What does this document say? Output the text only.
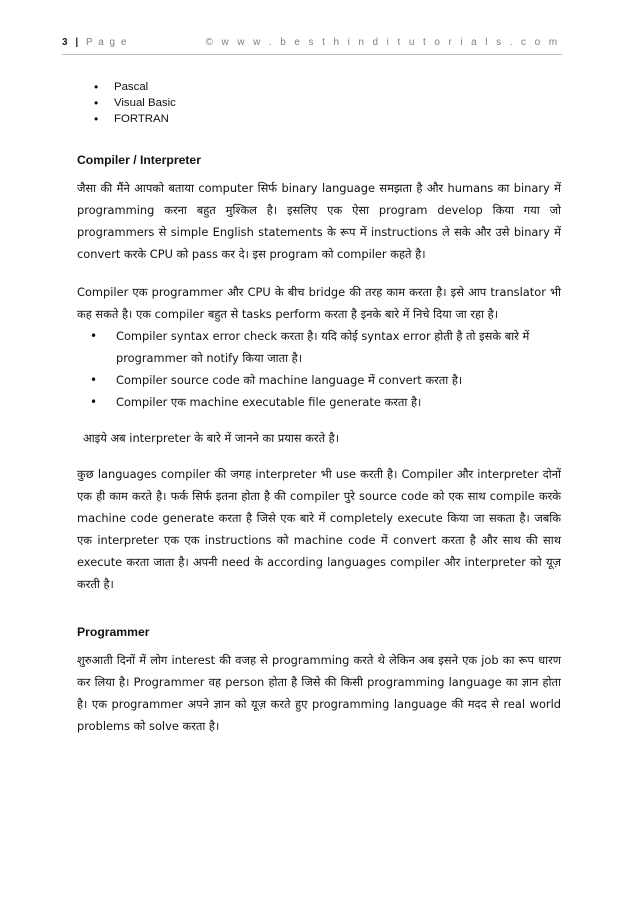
3 | P a g e	© w w w . b e s t h i n d i t u t o r i a l s . c o m
• Pascal
• Visual Basic
• FORTRAN
Compiler / Interpreter

जैसा की मैंने आपको बताया computer सिर्फ binary language समझता है और humans का binary में programming करना बहुत मुश्किल है। इसलिए एक ऐसा program develop किया गया जो programmers से simple English statements के रूप में instructions ले सके और उसे binary में convert करके CPU को pass कर दे। इस program को compiler कहते है।

Compiler एक programmer और CPU के बीच bridge की तरह काम करता है। इसे आप translator भी कह सकते है। एक compiler बहुत से tasks perform करता है इनके बारे में निचे दिया जा रहा है।

• Compiler syntax error check करता है। यदि कोई syntax error होती है तो इसके बारे में programmer को notify किया जाता है।
• Compiler source code को machine language में convert करता है।
• Compiler एक machine executable file generate करता है।

आइये अब interpreter के बारे में जानने का प्रयास करते है।

कुछ languages compiler की जगह interpreter भी use करती है। Compiler और interpreter दोनों एक ही काम करते है। फर्क सिर्फ इतना होता है की compiler पुरे source code को एक साथ compile करके machine code generate करता है जिसे एक बारे में completely execute किया जा सकता है। जबकि एक interpreter एक एक instructions को machine code में convert करता है और साथ की साथ execute करता जाता है। अपनी need के according languages compiler और interpreter को यूज़ करती है।

Programmer

शुरुआती दिनों में लोग interest की वजह से programming करते थे लेकिन अब इसने एक job का रूप धारण कर लिया है। Programmer वह person होता है जिसे की किसी programming language का ज्ञान होता है। एक programmer अपने ज्ञान को यूज़ करते हुए programming language की मदद से real world problems को solve करता है।
